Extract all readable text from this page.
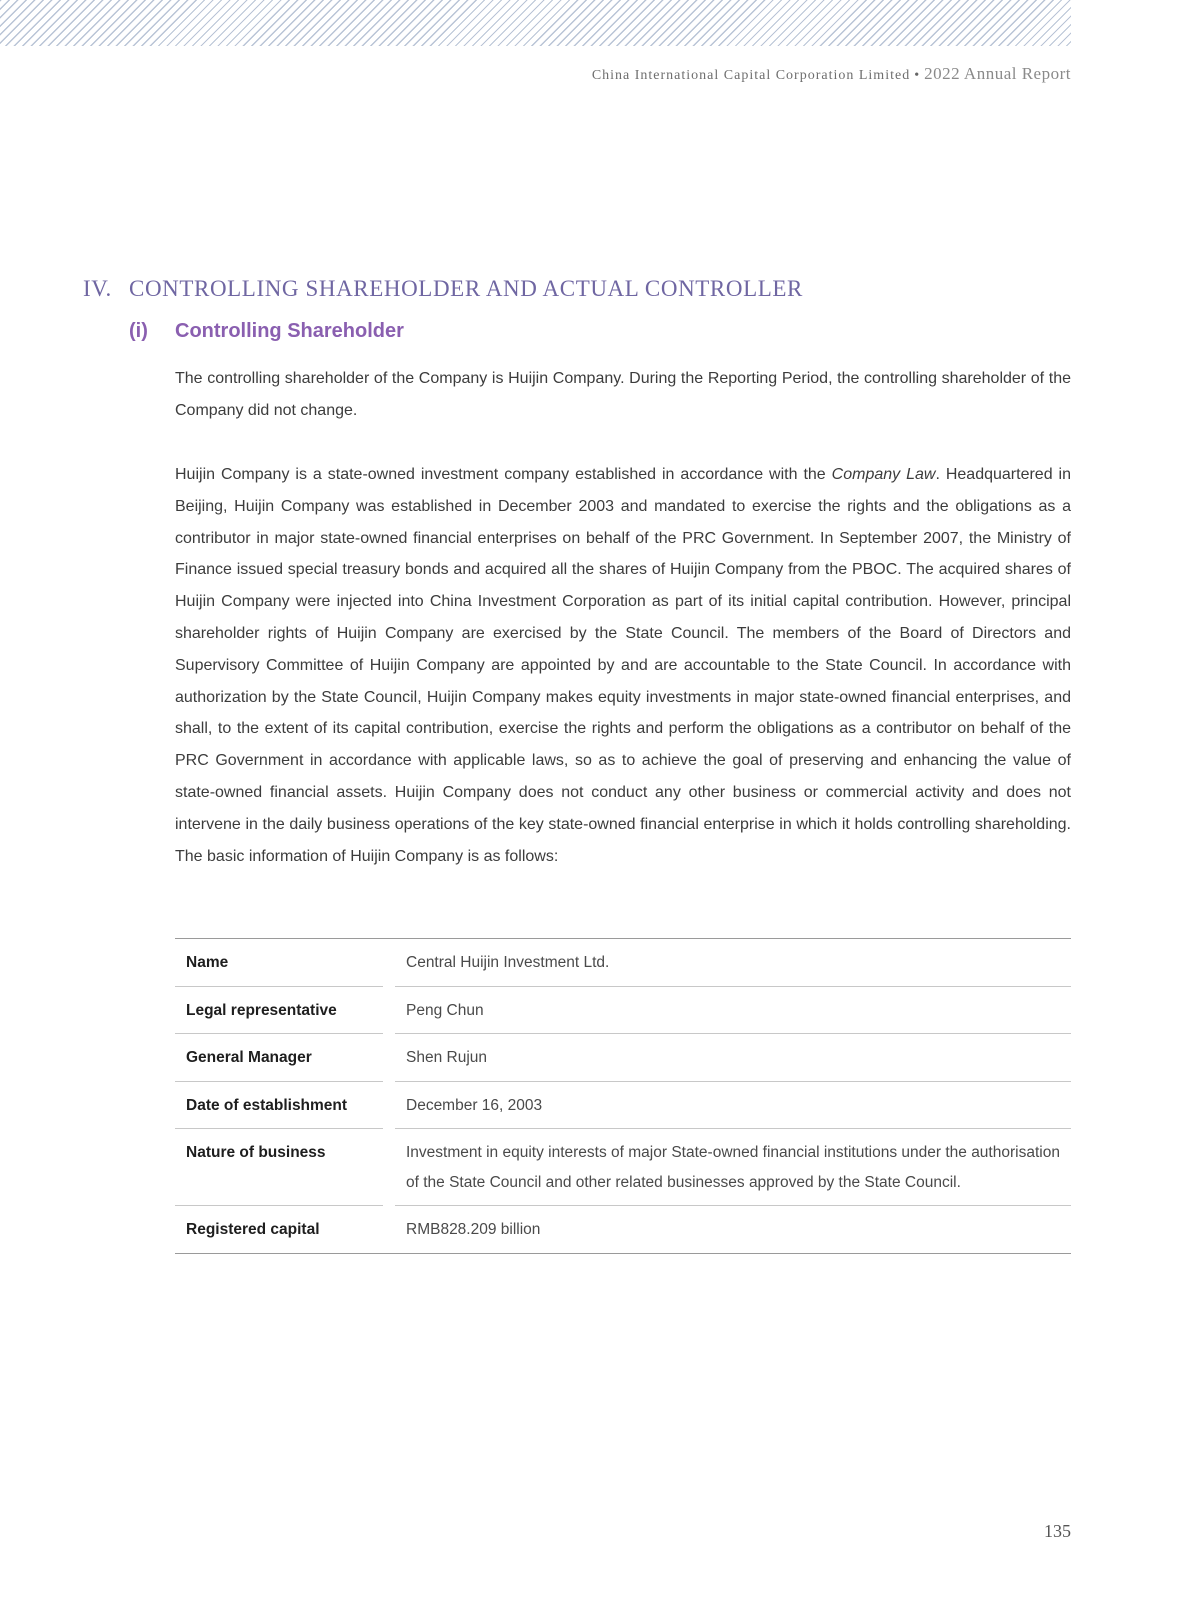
China International Capital Corporation Limited • 2022 Annual Report
IV. CONTROLLING SHAREHOLDER AND ACTUAL CONTROLLER
(i) Controlling Shareholder

The controlling shareholder of the Company is Huijin Company. During the Reporting Period, the controlling shareholder of the Company did not change.

Huijin Company is a state-owned investment company established in accordance with the Company Law. Headquartered in Beijing, Huijin Company was established in December 2003 and mandated to exercise the rights and the obligations as a contributor in major state-owned financial enterprises on behalf of the PRC Government. In September 2007, the Ministry of Finance issued special treasury bonds and acquired all the shares of Huijin Company from the PBOC. The acquired shares of Huijin Company were injected into China Investment Corporation as part of its initial capital contribution. However, principal shareholder rights of Huijin Company are exercised by the State Council. The members of the Board of Directors and Supervisory Committee of Huijin Company are appointed by and are accountable to the State Council. In accordance with authorization by the State Council, Huijin Company makes equity investments in major state-owned financial enterprises, and shall, to the extent of its capital contribution, exercise the rights and perform the obligations as a contributor on behalf of the PRC Government in accordance with applicable laws, so as to achieve the goal of preserving and enhancing the value of state-owned financial assets. Huijin Company does not conduct any other business or commercial activity and does not intervene in the daily business operations of the key state-owned financial enterprise in which it holds controlling shareholding. The basic information of Huijin Company is as follows:

Name		Central Huijin Investment Ltd.

Legal representative		Peng Chun

General Manager		Shen Rujun

Date of establishment		December 16, 2003

Nature of business		Investment in equity interests of major State-owned financial institutions under the authorisation of the State Council and other related businesses approved by the State Council.

Registered capital		RMB828.209 billion
135
